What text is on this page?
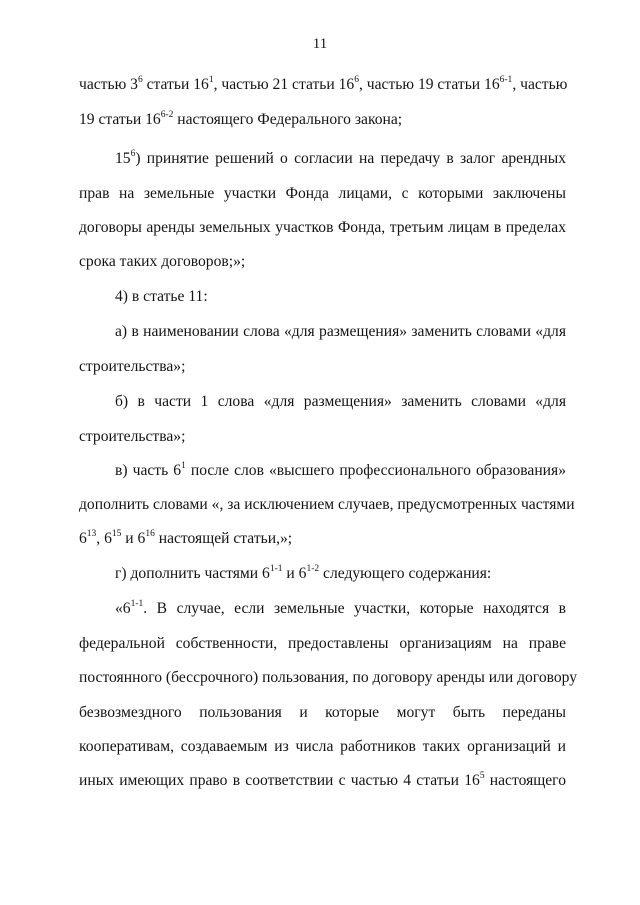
11
частью $3^6$ статьи $16^1$, частью 21 статьи $16^6$, частью 19 статьи 16$^{6-1}$, частью
19 статьи 16$^{6-2}$ настоящего Федерального закона;
$15^6$) принятие решений о согласии на передачу в залог арендных
прав на земельные участки Фонда лицами, с которыми заключены
договоры аренды земельных участков Фонда, третьим лицам в пределах
срока таких договоров;»;
4) в статье 11:
а) в наименовании слова «для размещения» заменить словами «для
строительства»;
б) в части 1 слова «для размещения» заменить словами «для
строительства»;
в) часть $6^1$ после слов «высшего профессионального образования»
дополнить словами «, за исключением случаев, предусмотренных частями
$6^{13}$, $6^{15}$ и $6^{16}$ настоящей статьи,»;
г) дополнить частями 6$^{1-1}$ и 6$^{1-2}$ следующего содержания:
«6$^{1-1}$. В случае, если земельные участки, которые находятся в
федеральной собственности, предоставлены организациям на праве
постоянного (бессрочного) пользования, по договору аренды или договору
безвозмездного пользования и которые могут быть переданы
кооперативам, создаваемым из числа работников таких организаций и
иных имеющих право в соответствии с частью 4 статьи $16^5$ настоящего
